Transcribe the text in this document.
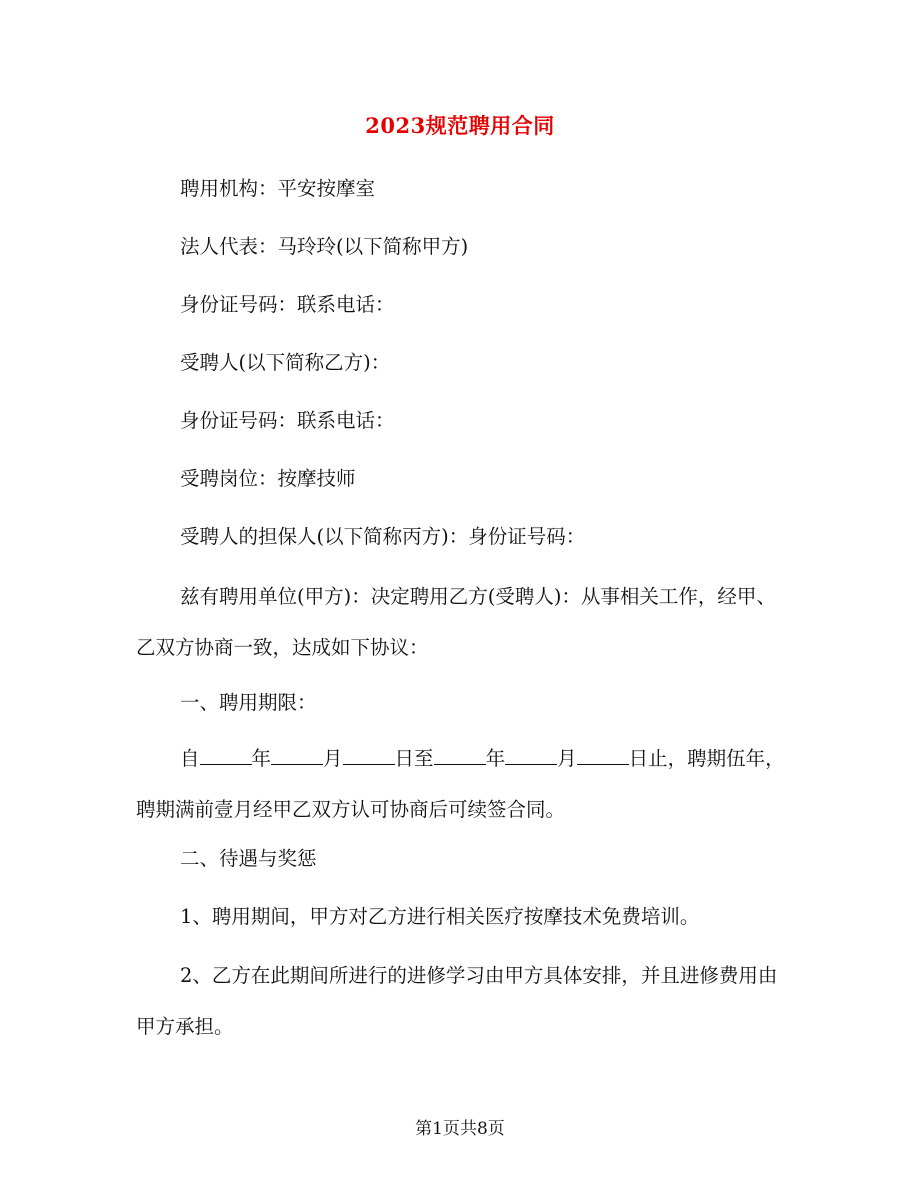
2023规范聘用合同
聘用机构：平安按摩室
法人代表：马玲玲(以下简称甲方)
身份证号码：联系电话：
受聘人(以下简称乙方)：
身份证号码：联系电话：
受聘岗位：按摩技师
受聘人的担保人(以下简称丙方)：身份证号码：
兹有聘用单位(甲方)：决定聘用乙方(受聘人)：从事相关工作，经甲、乙双方协商一致，达成如下协议：
一、聘用期限：
自	年	月	日至	年	月	日止，聘期伍年，聘期满前壹月经甲乙双方认可协商后可续签合同。
二、待遇与奖惩
1、聘用期间，甲方对乙方进行相关医疗按摩技术免费培训。
2、乙方在此期间所进行的进修学习由甲方具体安排，并且进修费用由甲方承担。
第1页共8页
